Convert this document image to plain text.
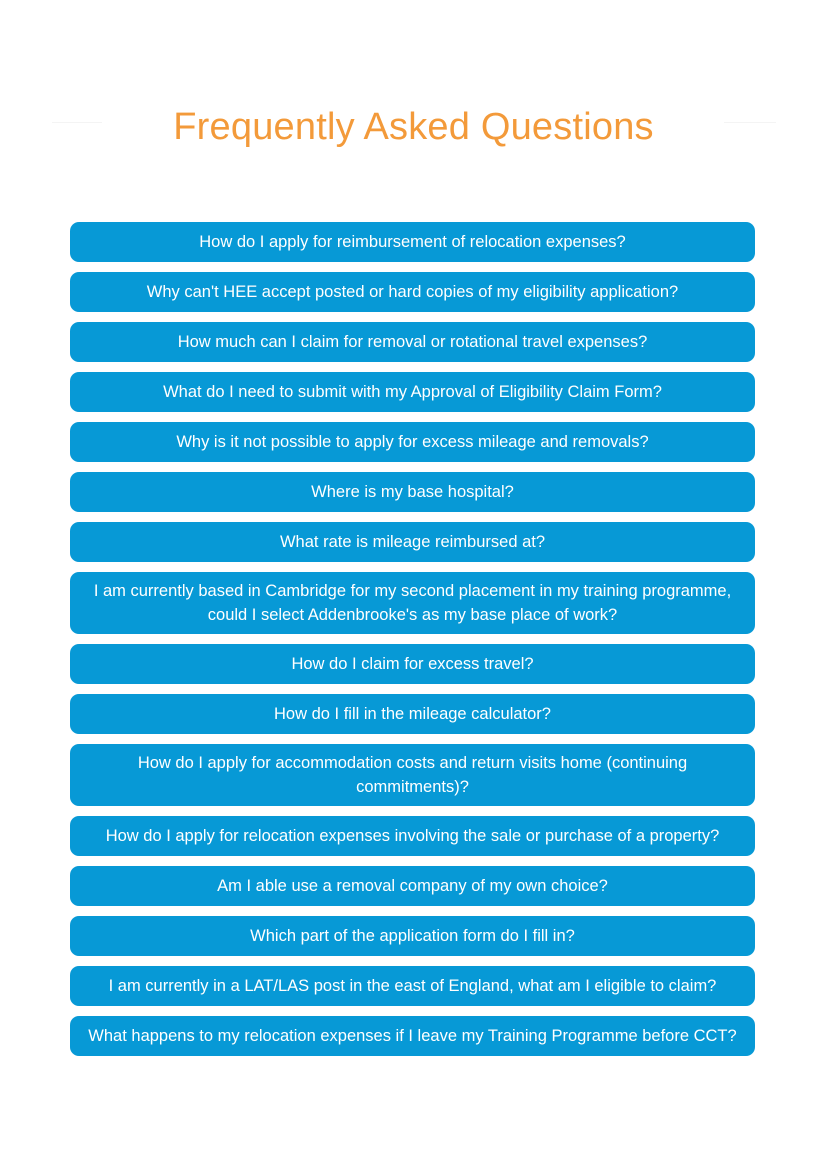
Frequently Asked Questions
How do I apply for reimbursement of relocation expenses?
Why can't HEE accept posted or hard copies of my eligibility application?
How much can I claim for removal or rotational travel expenses?
What do I need to submit with my Approval of Eligibility Claim Form?
Why is it not possible to apply for excess mileage and removals?
Where is my base hospital?
What rate is mileage reimbursed at?
I am currently based in Cambridge for my second placement in my training programme, could I select Addenbrooke's as my base place of work?
How do I claim for excess travel?
How do I fill in the mileage calculator?
How do I apply for accommodation costs and return visits home (continuing commitments)?
How do I apply for relocation expenses involving the sale or purchase of a property?
Am I able use a removal company of my own choice?
Which part of the application form do I fill in?
I am currently in a LAT/LAS post in the east of England, what am I eligible to claim?
What happens to my relocation expenses if I leave my Training Programme before CCT?
